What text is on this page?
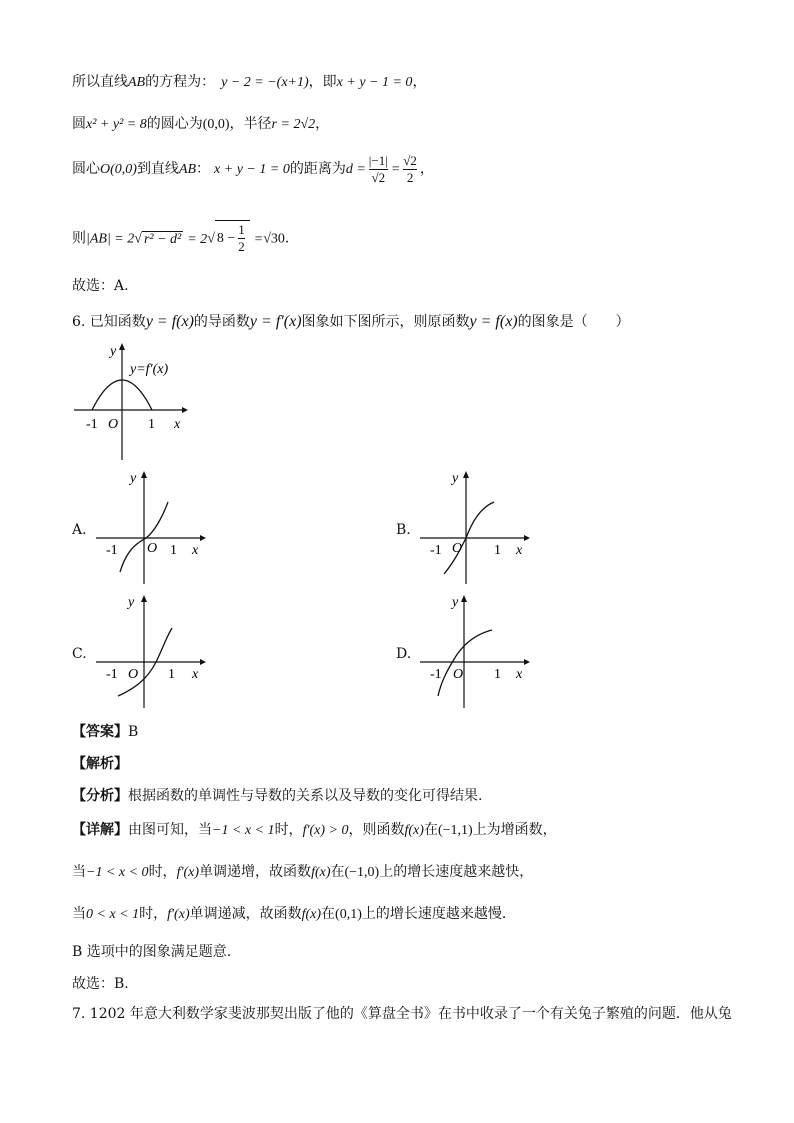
所以直线AB的方程为： y − 2 = −(x+1)，即x + y − 1 = 0，
圆x² + y² = 8的圆心为(0,0)，半径r = 2√2，
圆心O(0,0)到直线AB： x + y − 1 = 0的距离为$d = \frac{|-1|}{√2} = \frac{√2}{2}$ ，
则|AB| = 2√ r² − d² = 2√ $8 - \frac{1}{2} =√30$．
故选：A.
6. 已知函数y = f(x)的导函数y = f′(x)图象如下图所示，则原函数y = f(x)的图象是（　　）
y
x
O
-1	1
y=f′(x)
A.
y
x
O
-1	1
B.
y
x
O
-1	1
C.
y
x
O
-1	1
D.
y
x
O
-1	1
【答案】B
【解析】
【分析】根据函数的单调性与导数的关系以及导数的变化可得结果.
【详解】由图可知，当−1 < x < 1时，f′(x) > 0，则函数f(x)在(−1,1)上为增函数，
当−1 < x < 0时，f′(x)单调递增，故函数f(x)在(−1,0)上的增长速度越来越快，
当0 < x < 1时，f′(x)单调递减，故函数f(x)在(0,1)上的增长速度越来越慢.
B 选项中的图象满足题意.
故选：B.
7. 1202 年意大利数学家斐波那契出版了他的《算盘全书》在书中收录了一个有关兔子繁殖的问题．他从兔
